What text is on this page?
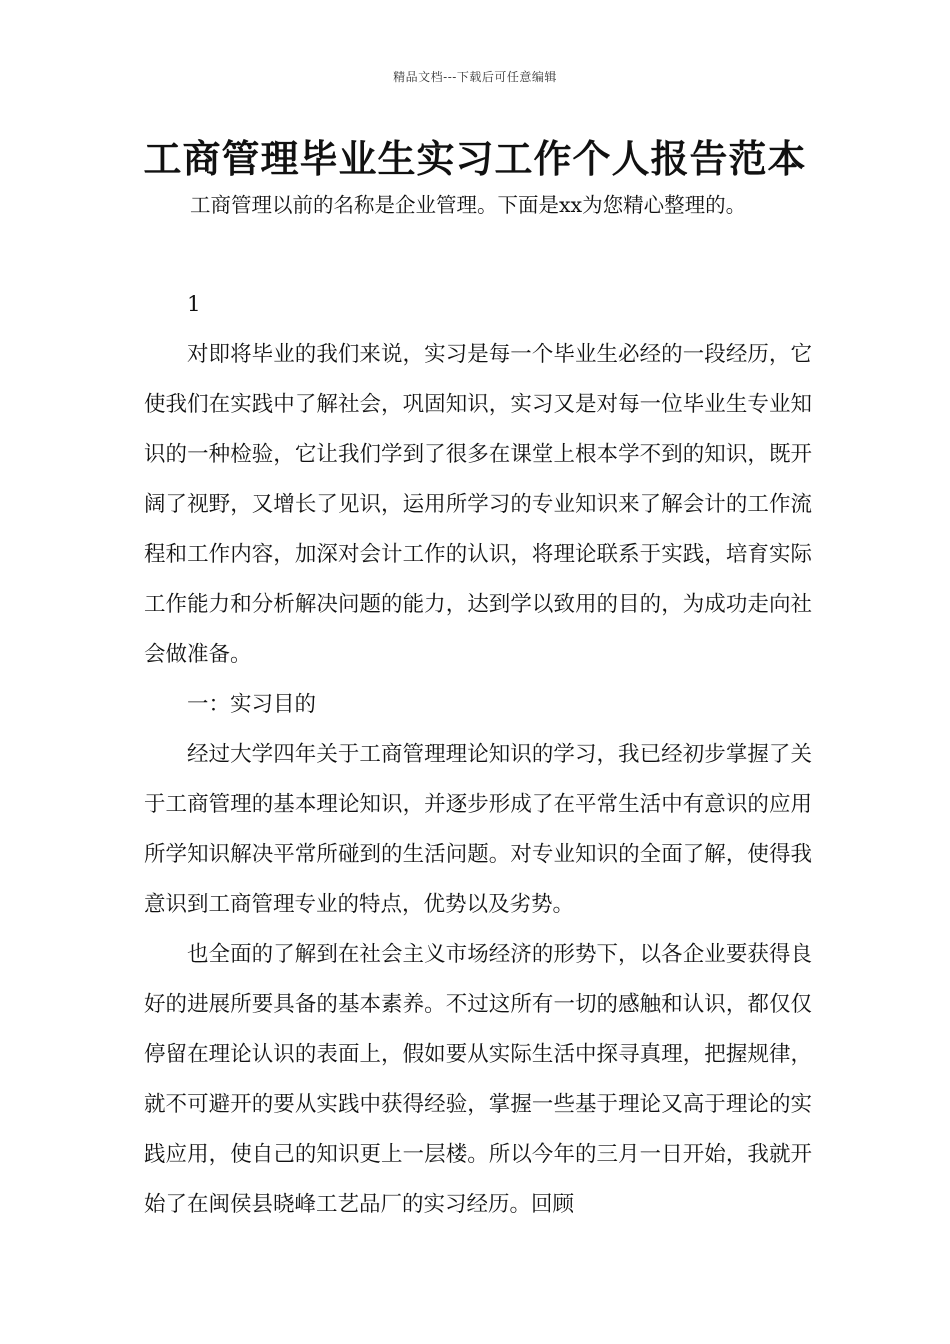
精品文档---下载后可任意编辑
工商管理毕业生实习工作个人报告范本
工商管理以前的名称是企业管理。下面是xx为您精心整理的。

1

对即将毕业的我们来说，实习是每一个毕业生必经的一段经历，它使我们在实践中了解社会，巩固知识，实习又是对每一位毕业生专业知识的一种检验，它让我们学到了很多在课堂上根本学不到的知识，既开阔了视野，又增长了见识，运用所学习的专业知识来了解会计的工作流程和工作内容，加深对会计工作的认识，将理论联系于实践，培育实际工作能力和分析解决问题的能力，达到学以致用的目的，为成功走向社会做准备。

一：实习目的

经过大学四年关于工商管理理论知识的学习，我已经初步掌握了关于工商管理的基本理论知识，并逐步形成了在平常生活中有意识的应用所学知识解决平常所碰到的生活问题。对专业知识的全面了解，使得我意识到工商管理专业的特点，优势以及劣势。

也全面的了解到在社会主义市场经济的形势下，以各企业要获得良好的进展所要具备的基本素养。不过这所有一切的感触和认识，都仅仅停留在理论认识的表面上，假如要从实际生活中探寻真理，把握规律，就不可避开的要从实践中获得经验，掌握一些基于理论又高于理论的实践应用，使自己的知识更上一层楼。所以今年的三月一日开始，我就开始了在闽侯县晓峰工艺品厂的实习经历。回顾
